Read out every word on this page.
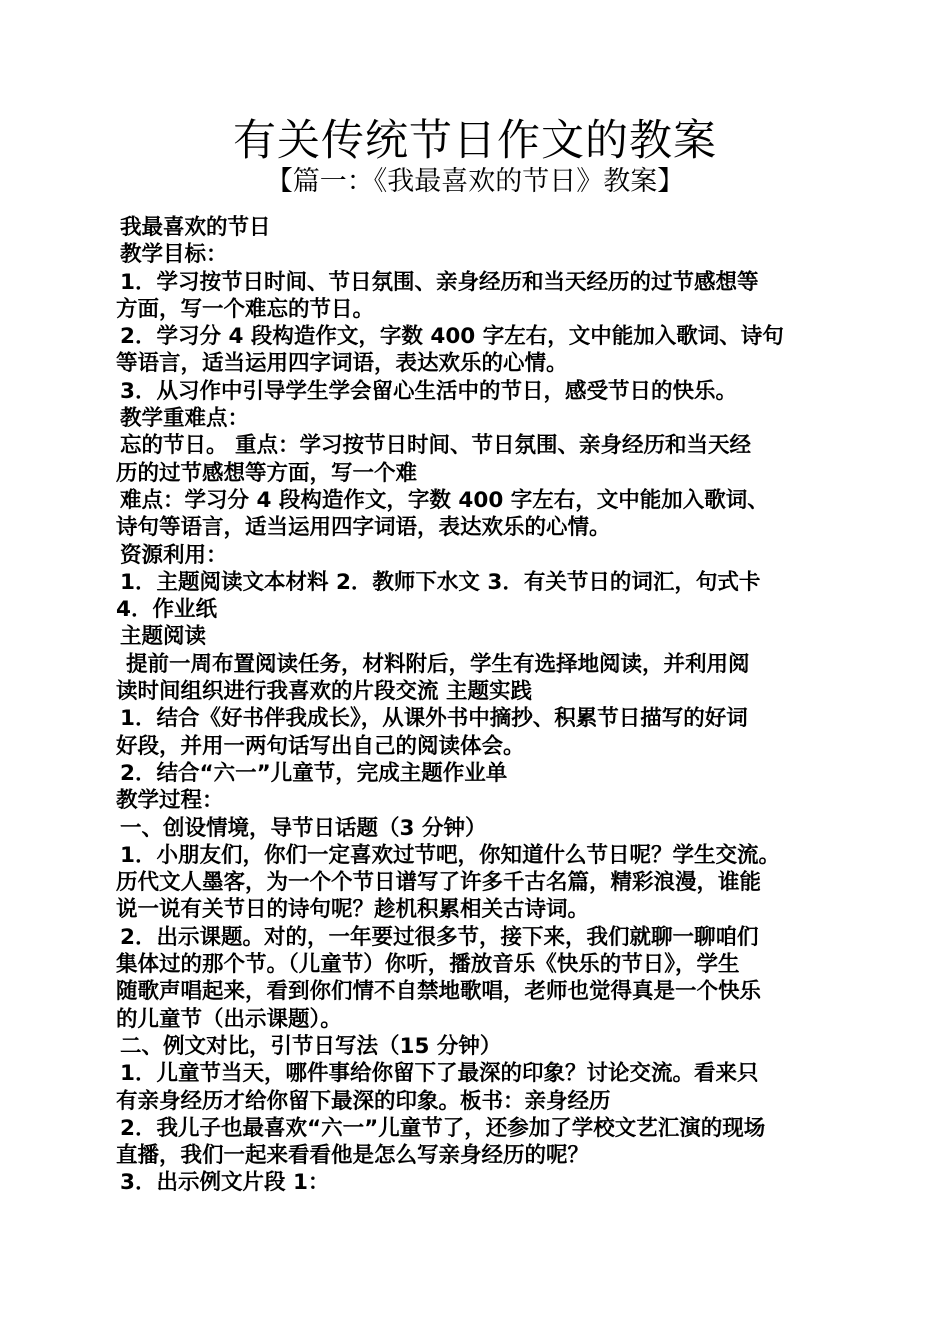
有关传统节日作文的教案
【篇一：《我最喜欢的节日》教案】
我最喜欢的节日
教学目标：
1．学习按节日时间、节日氛围、亲身经历和当天经历的过节感想等
方面，写一个难忘的节日。
2．学习分 4 段构造作文，字数 400 字左右，文中能加入歌词、诗句
等语言，适当运用四字词语，表达欢乐的心情。
3．从习作中引导学生学会留心生活中的节日，感受节日的快乐。
教学重难点：
忘的节日。 重点：学习按节日时间、节日氛围、亲身经历和当天经
历的过节感想等方面，写一个难
难点：学习分 4 段构造作文，字数 400 字左右，文中能加入歌词、
诗句等语言，适当运用四字词语，表达欢乐的心情。
资源利用：
1．主题阅读文本材料 2．教师下水文 3．有关节日的词汇，句式卡
4．作业纸
主题阅读
提前一周布置阅读任务，材料附后，学生有选择地阅读，并利用阅
读时间组织进行我喜欢的片段交流 主题实践
1．结合《好书伴我成长》，从课外书中摘抄、积累节日描写的好词
好段，并用一两句话写出自己的阅读体会。
2．结合“六一”儿童节，完成主题作业单
教学过程：
一、创设情境，导节日话题（3 分钟）
1．小朋友们，你们一定喜欢过节吧，你知道什么节日呢？学生交流。
历代文人墨客，为一个个节日谱写了许多千古名篇，精彩浪漫，谁能
说一说有关节日的诗句呢？趁机积累相关古诗词。
2．出示课题。对的，一年要过很多节，接下来，我们就聊一聊咱们
集体过的那个节。（儿童节）你听，播放音乐《快乐的节日》，学生
随歌声唱起来，看到你们情不自禁地歌唱，老师也觉得真是一个快乐
的儿童节（出示课题）。
二、例文对比，引节日写法（15 分钟）
1．儿童节当天，哪件事给你留下了最深的印象？讨论交流。看来只
有亲身经历才给你留下最深的印象。板书：亲身经历
2．我儿子也最喜欢“六一”儿童节了，还参加了学校文艺汇演的现场
直播，我们一起来看看他是怎么写亲身经历的呢？
3．出示例文片段 1：
